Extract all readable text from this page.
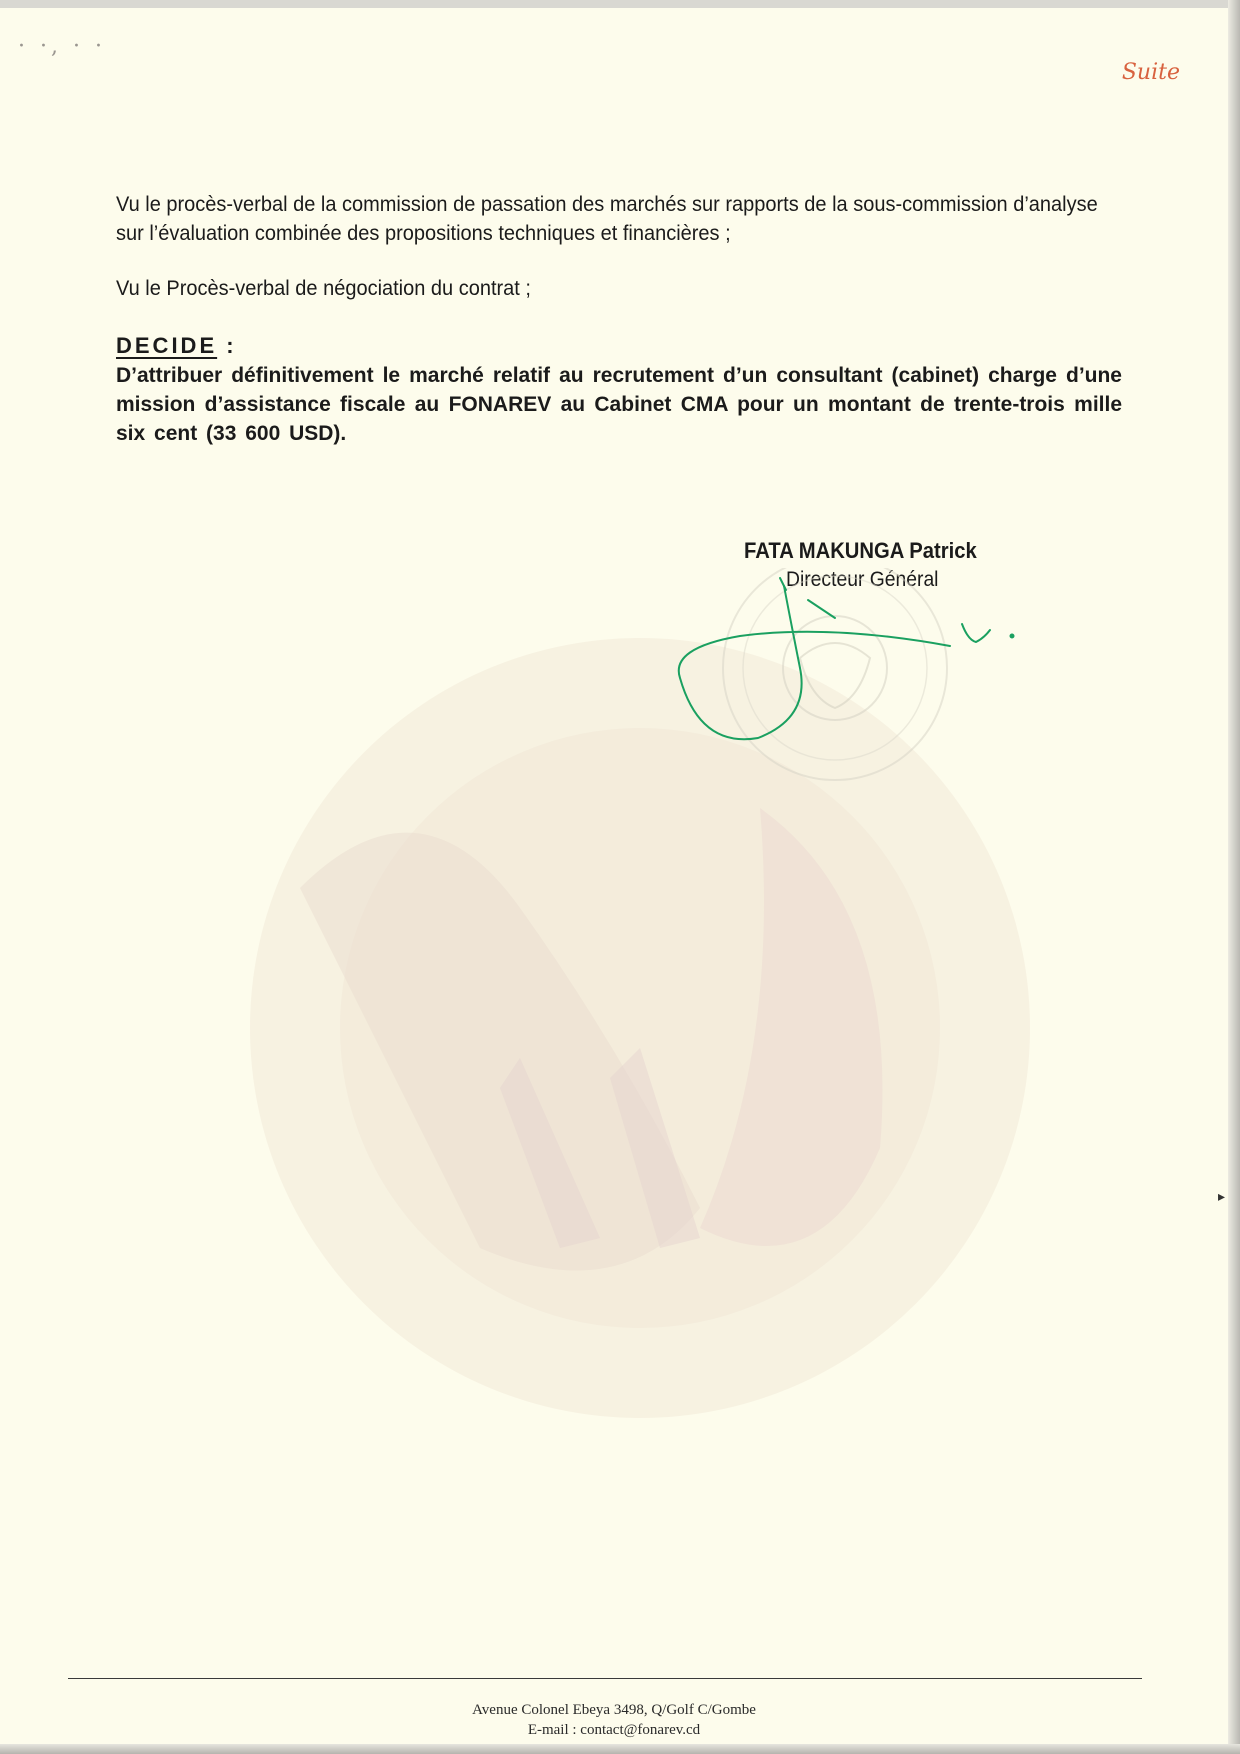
· ·, · ·
Suite

Vu le procès-verbal de la commission de passation des marchés sur rapports de la sous-commission d’analyse sur l’évaluation combinée des propositions techniques et financières ;

Vu le Procès-verbal de négociation du contrat ;

DECIDE :

D’attribuer définitivement le marché relatif au recrutement d’un consultant (cabinet) charge d’une mission d’assistance fiscale au FONAREV au Cabinet CMA pour un montant de trente-trois mille six cent (33 600 USD).

FATA MAKUNGA Patrick
Directeur Général
▸
Avenue Colonel Ebeya 3498, Q/Golf C/Gombe
E-mail : contact@fonarev.cd
